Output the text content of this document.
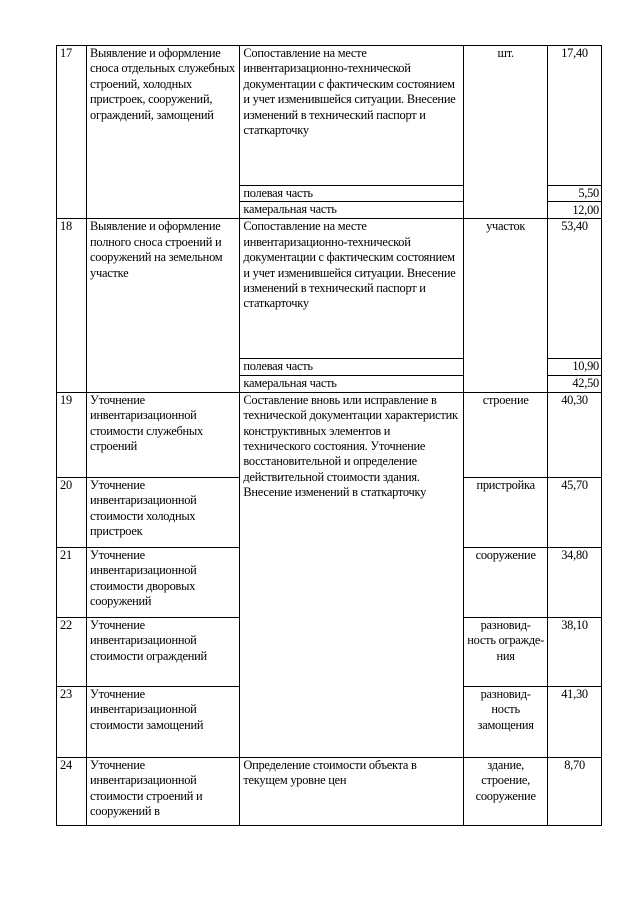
17	Выявление и оформление сноса отдельных служебных строений, холодных пристроек, сооружений, ограждений, замощений	Сопоставление на месте инвентаризационно-технической документации с фактическим состоянием и учет изменившейся ситуации. Внесение изменений в технический паспорт и статкарточку	шт.	17,40
		полевая часть		5,50
		камеральная часть		12,00
18	Выявление и оформление полного сноса строений и сооружений на земельном участке	Сопоставление на месте инвентаризационно-технической документации с фактическим состоянием и учет изменившейся ситуации. Внесение изменений в технический паспорт и статкарточку	участок	53,40
		полевая часть		10,90
		камеральная часть		42,50
19	Уточнение инвентаризационной стоимости служебных строений	Составление вновь или исправление в технической документации характеристик конструктивных элементов и технического состояния. Уточнение восстановительной и определение действительной стоимости здания. Внесение изменений в статкарточку	строение	40,30
20	Уточнение инвентаризационной стоимости холодных пристроек		пристройка	45,70
21	Уточнение инвентаризационной стоимости дворовых сооружений		сооружение	34,80
22	Уточнение инвентаризационной стоимости ограждений		разновид-ность огражде-ния	38,10
23	Уточнение инвентаризационной стоимости замощений		разновид-ность замощения	41,30
24	Уточнение инвентаризационной стоимости строений и сооружений в	Определение стоимости объекта в текущем уровне цен	здание, строение, сооружение	8,70
